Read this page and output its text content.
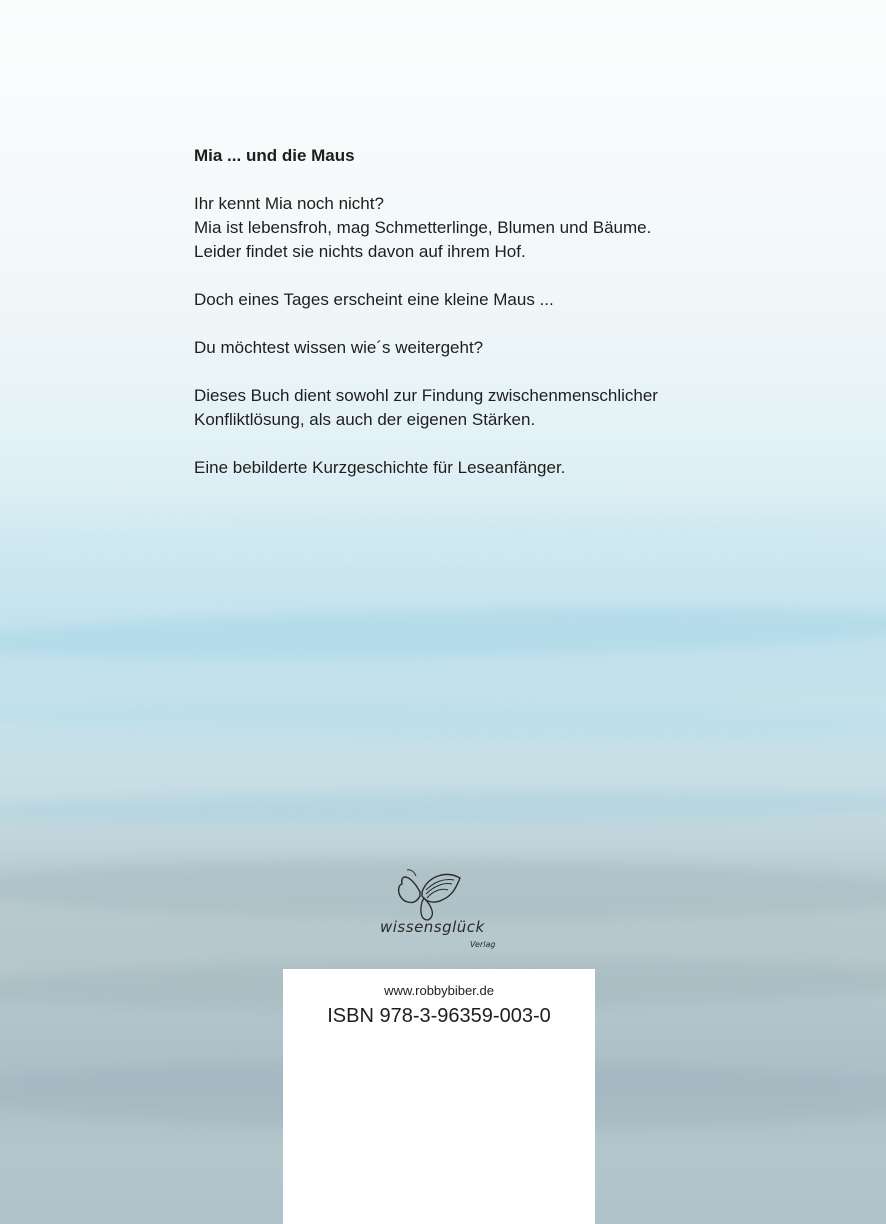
Mia ... und die Maus

Ihr kennt Mia noch nicht?
Mia ist lebensfroh, mag Schmetterlinge, Blumen und Bäume.
Leider findet sie nichts davon auf ihrem Hof.

Doch eines Tages erscheint eine kleine Maus ...

Du möchtest wissen wie´s weitergeht?

Dieses Buch dient sowohl zur Findung zwischenmenschlicher
Konfliktlösung, als auch der eigenen Stärken.

Eine bebilderte Kurzgeschichte für Leseanfänger.

wissensglück
Verlag
www.robbybiber.de
ISBN 978-3-96359-003-0
